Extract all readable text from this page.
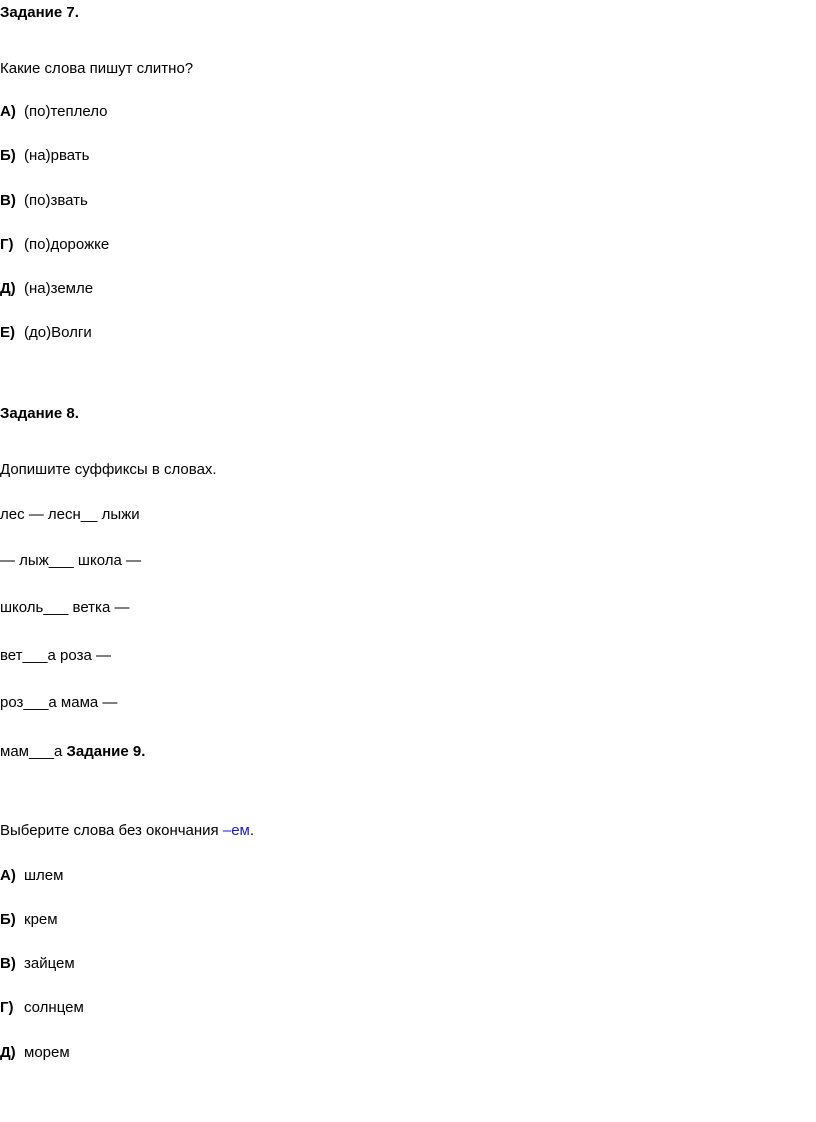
Задание 7.
Какие слова пишут слитно?
А) (по)теплело
Б) (на)рвать
В) (по)звать
Г) (по)дорожке
Д) (на)земле
Е) (до)Волги
Задание 8.
Допишите суффиксы в словах.
лес — лесн__ лыжи
— лыж___ школа —
школь___ ветка —
вет___а роза —
роз___а мама —
мам___а Задание 9.
Выберите слова без окончания –ем.
А) шлем
Б) крем
В) зайцем
Г) солнцем
Д) морем
